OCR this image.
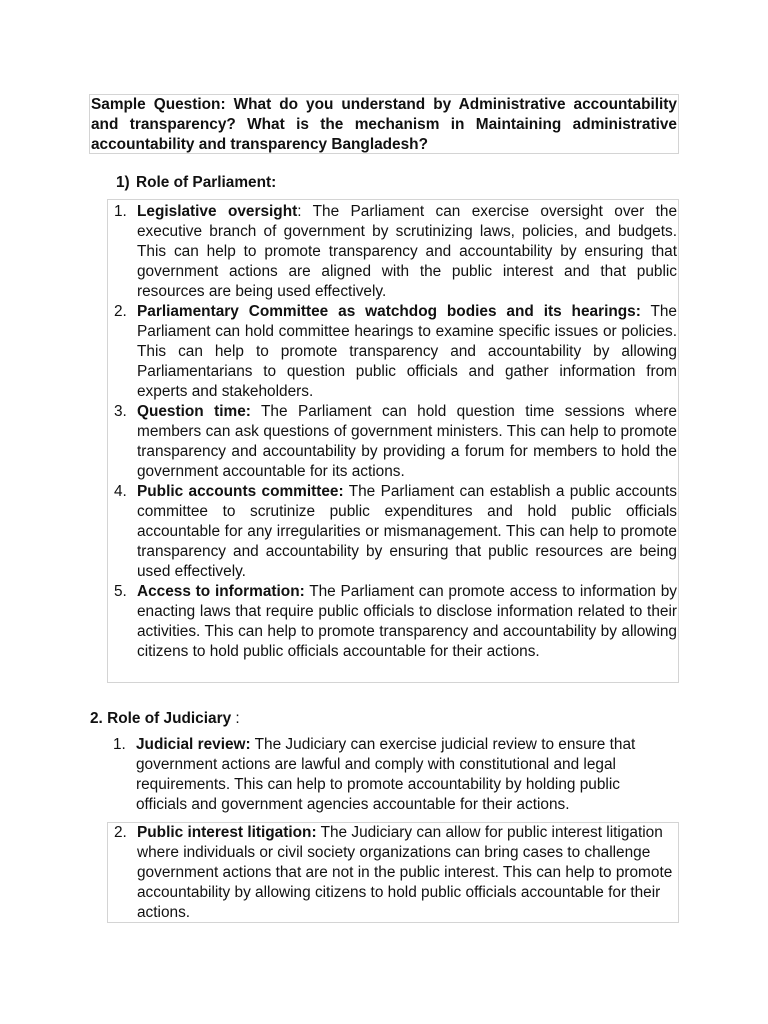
Sample Question: What do you understand by Administrative accountability and transparency? What is the mechanism in Maintaining administrative accountability and transparency Bangladesh?
1) Role of Parliament:
1. Legislative oversight: The Parliament can exercise oversight over the executive branch of government by scrutinizing laws, policies, and budgets. This can help to promote transparency and accountability by ensuring that government actions are aligned with the public interest and that public resources are being used effectively.
2. Parliamentary Committee as watchdog bodies and its hearings: The Parliament can hold committee hearings to examine specific issues or policies. This can help to promote transparency and accountability by allowing Parliamentarians to question public officials and gather information from experts and stakeholders.
3. Question time: The Parliament can hold question time sessions where members can ask questions of government ministers. This can help to promote transparency and accountability by providing a forum for members to hold the government accountable for its actions.
4. Public accounts committee: The Parliament can establish a public accounts committee to scrutinize public expenditures and hold public officials accountable for any irregularities or mismanagement. This can help to promote transparency and accountability by ensuring that public resources are being used effectively.
5. Access to information: The Parliament can promote access to information by enacting laws that require public officials to disclose information related to their activities. This can help to promote transparency and accountability by allowing citizens to hold public officials accountable for their actions.
2. Role of Judiciary :
1. Judicial review: The Judiciary can exercise judicial review to ensure that government actions are lawful and comply with constitutional and legal requirements. This can help to promote accountability by holding public officials and government agencies accountable for their actions.
2. Public interest litigation: The Judiciary can allow for public interest litigation where individuals or civil society organizations can bring cases to challenge government actions that are not in the public interest. This can help to promote accountability by allowing citizens to hold public officials accountable for their actions.
